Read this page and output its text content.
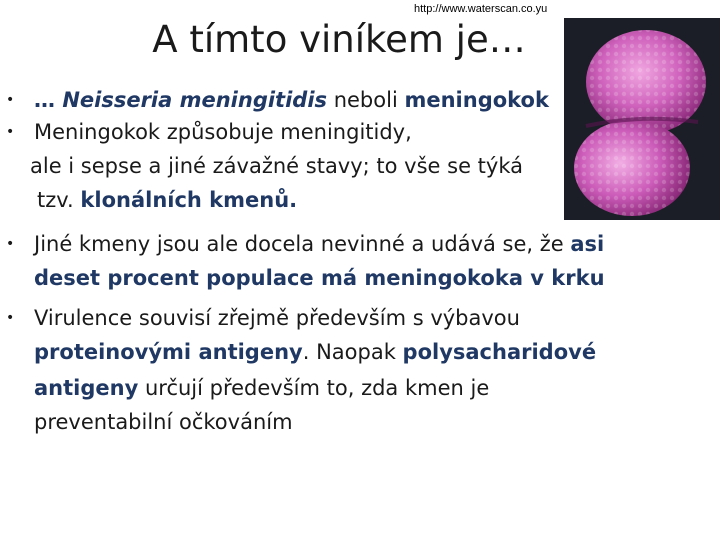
http://www.waterscan.co.yu
A tímto viníkem je…
• … Neisseria meningitidis neboli meningokok
• Meningokok způsobuje meningitidy,
ale i sepse a jiné závažné stavy; to vše se týká
tzv. klonálních kmenů.
• Jiné kmeny jsou ale docela nevinné a udává se, že asi
deset procent populace má meningokoka v krku
• Virulence souvisí zřejmě především s výbavou
proteinovými antigeny. Naopak polysacharidové
antigeny určují především to, zda kmen je
preventabilní očkováním
